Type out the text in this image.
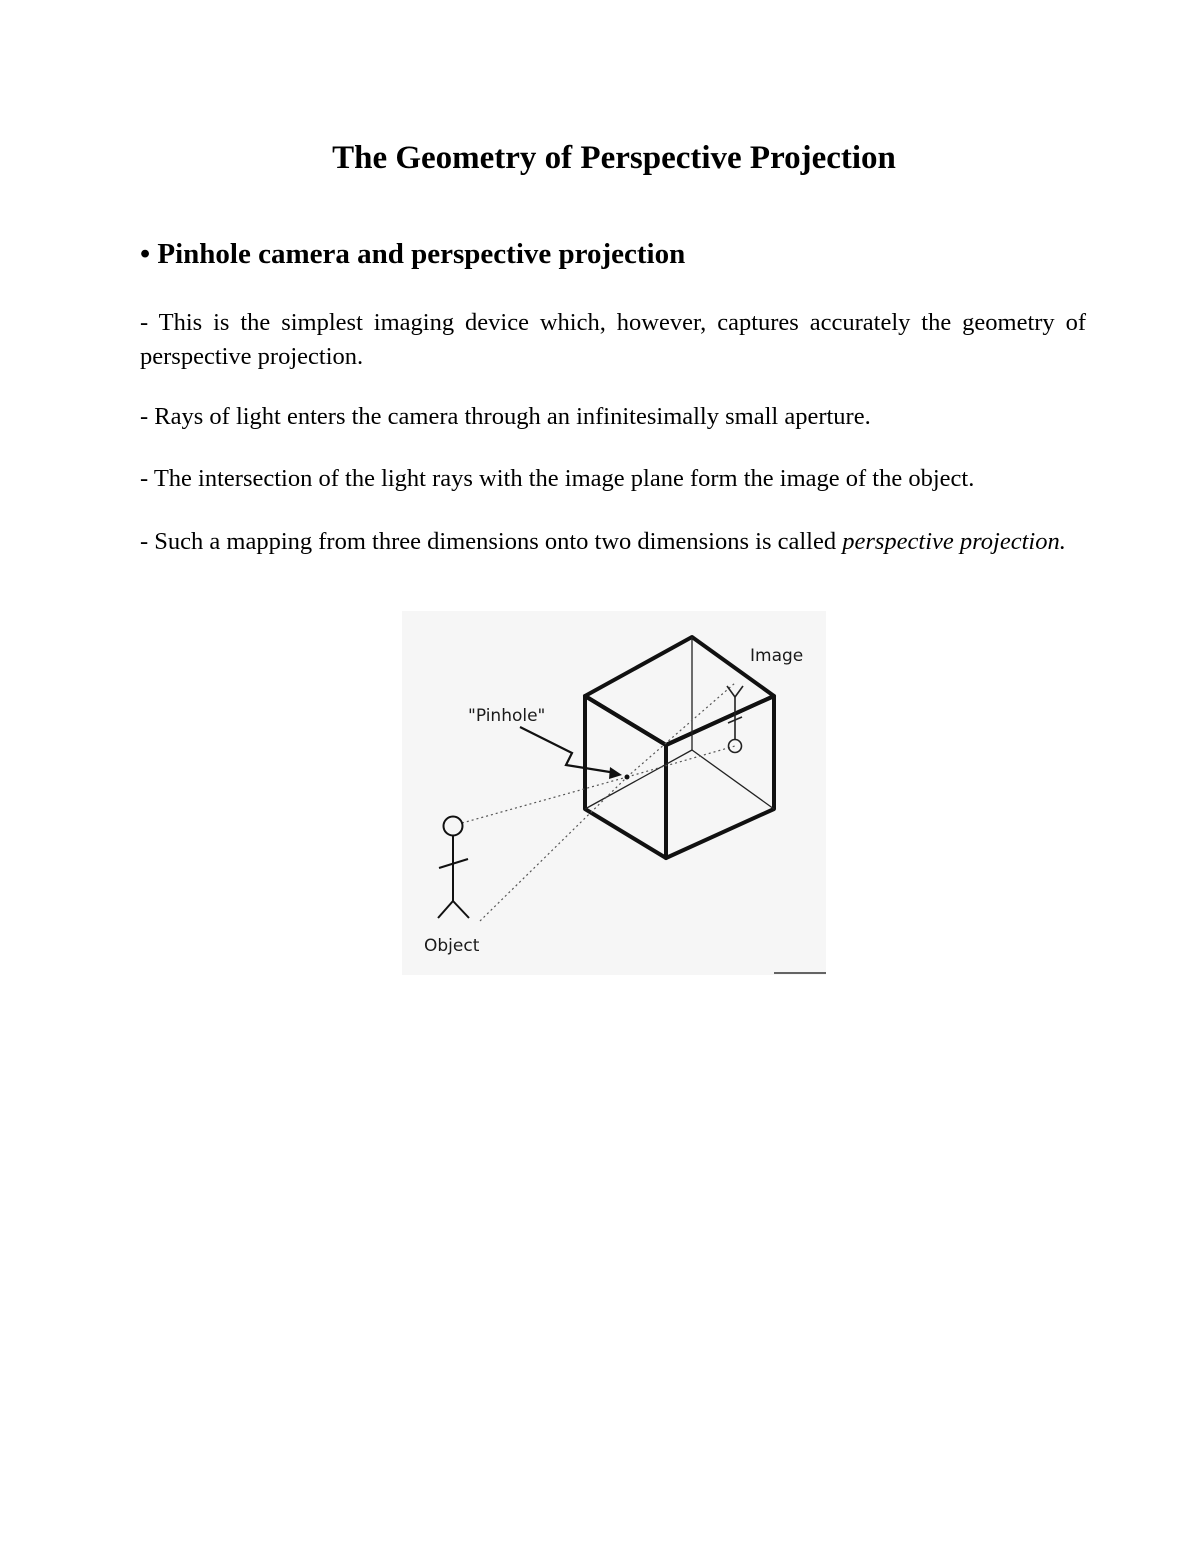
The Geometry of Perspective Projection
• Pinhole camera and perspective projection

- This is the simplest imaging device which, however, captures accurately the geometry of perspective projection.

- Rays of light enters the camera through an infinitesimally small aperture.

- The intersection of the light rays with the image plane form the image of the object.

- Such a mapping from three dimensions onto two dimensions is called perspective projection.

Image
"Pinhole"
Object
